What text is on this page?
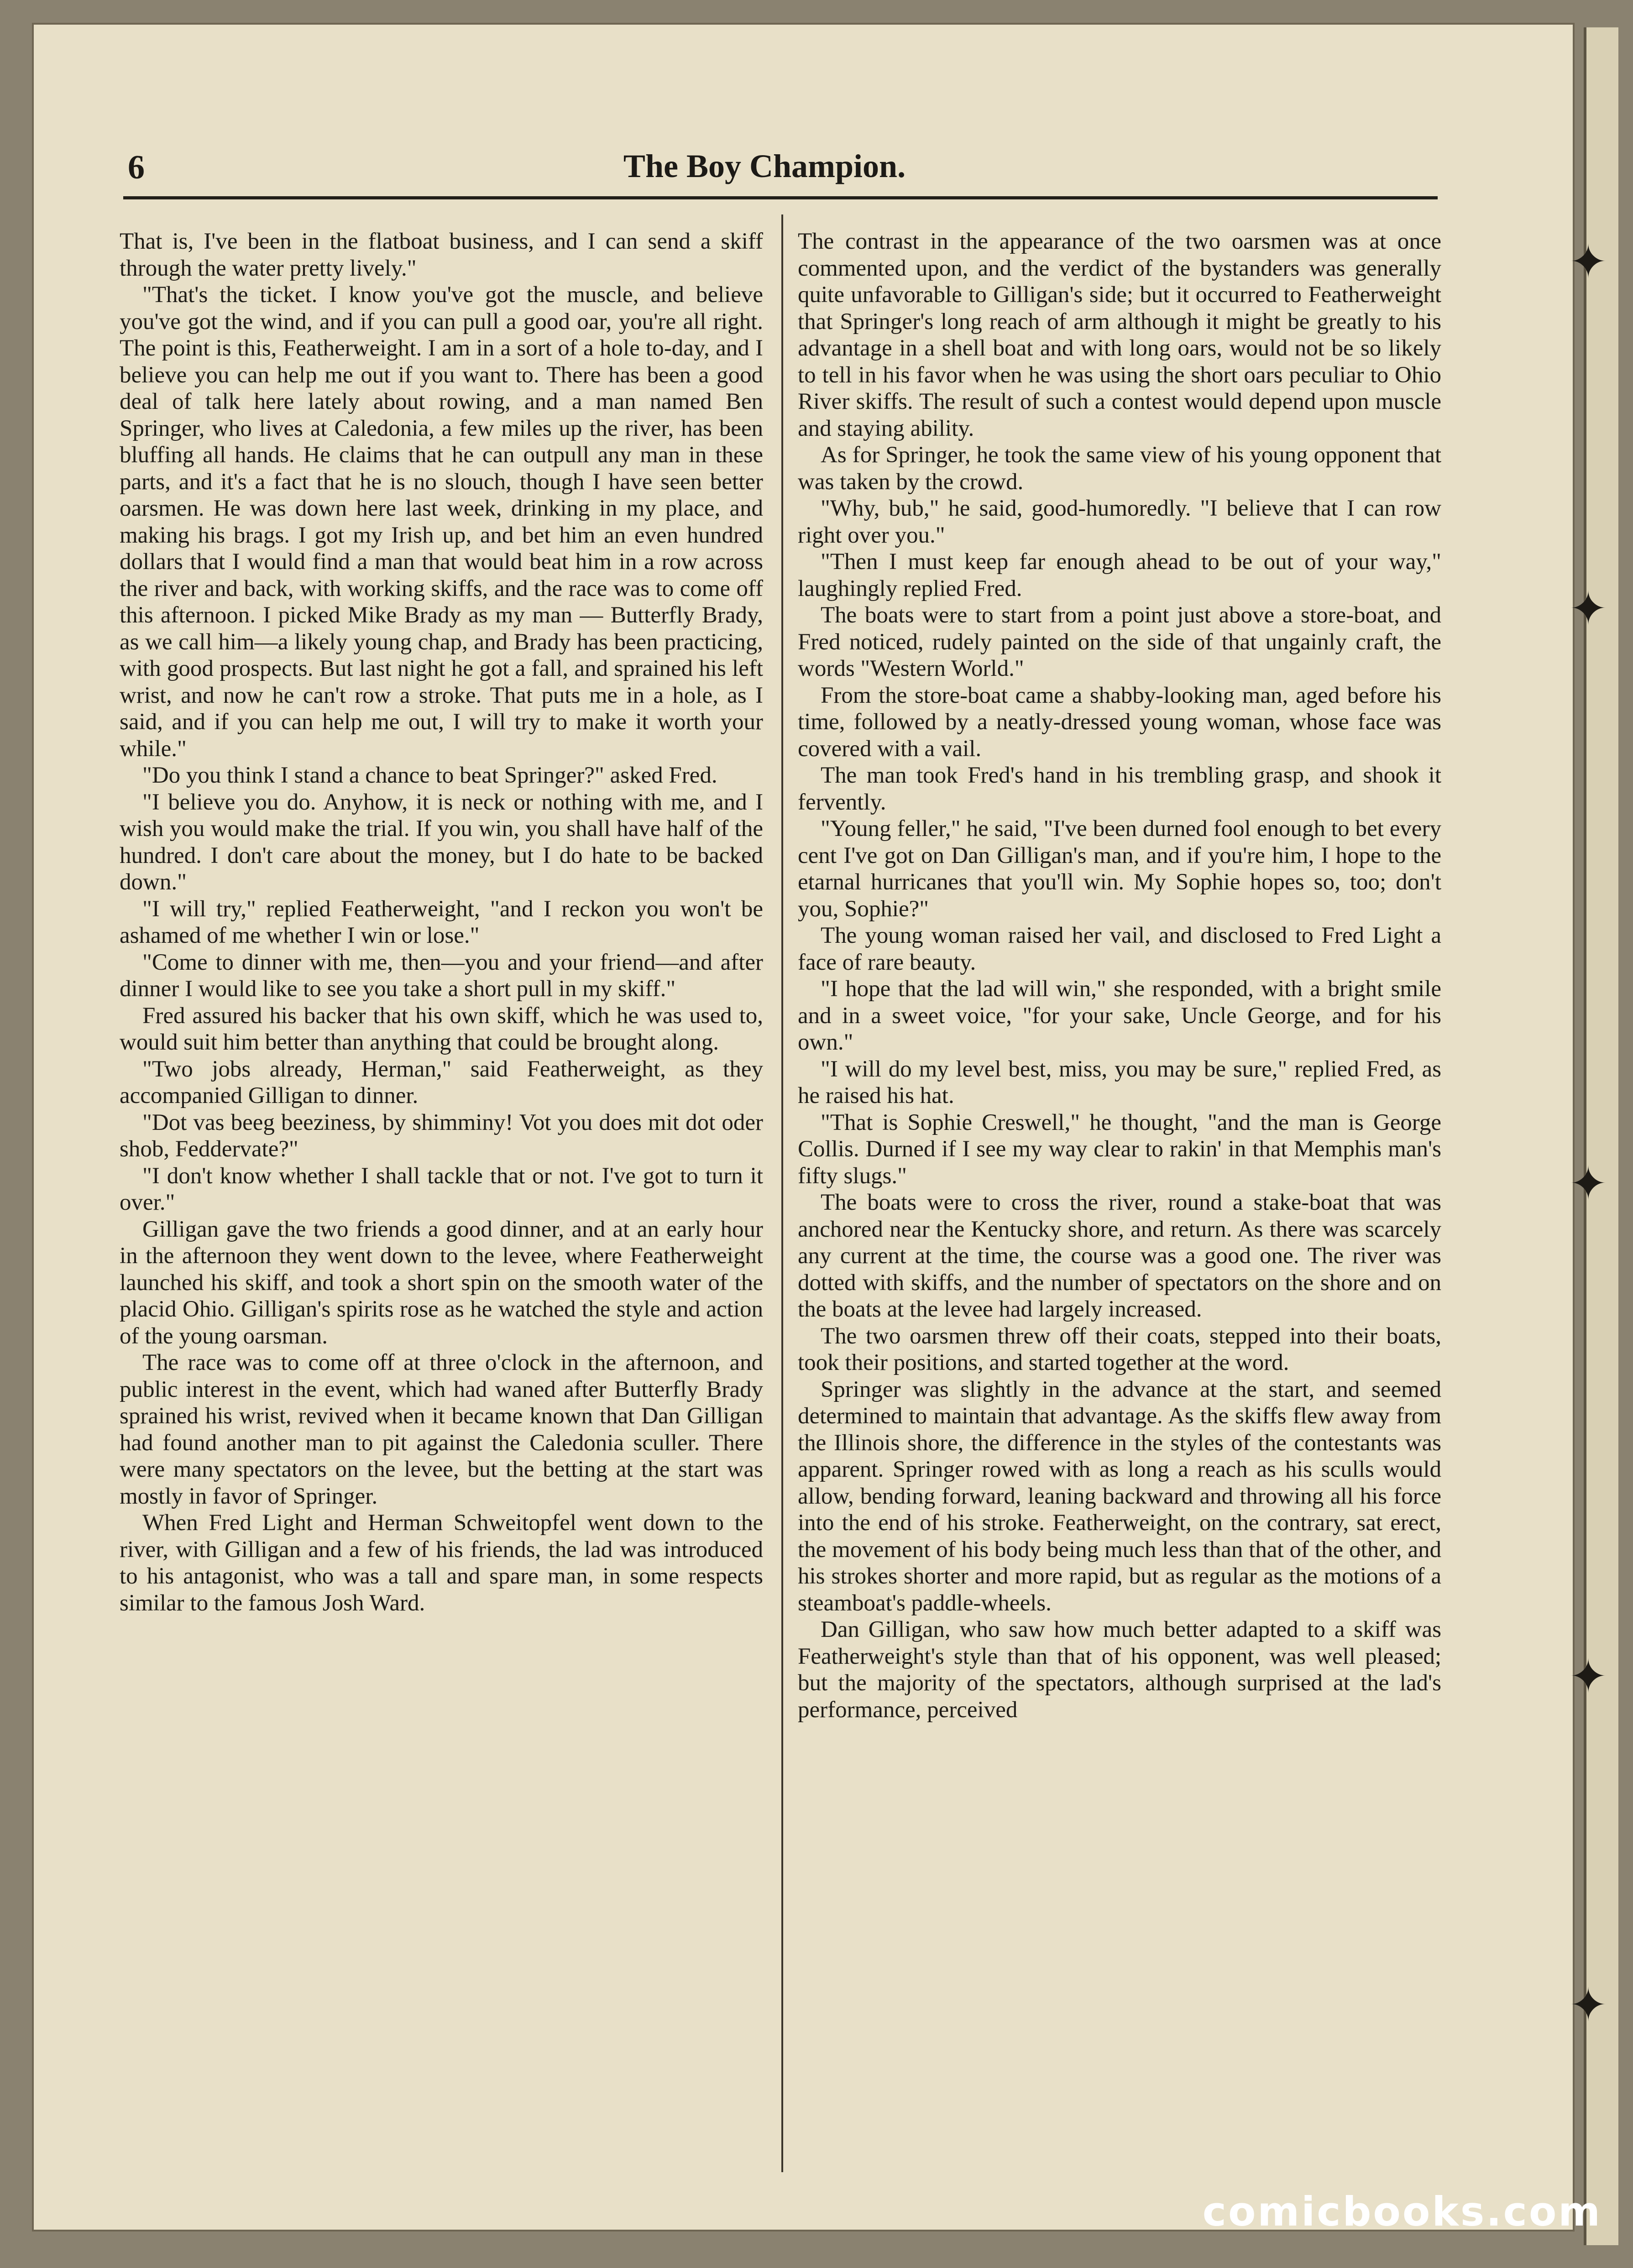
✦
✦
✦
✦
✦
6	The Boy Champion.

That is, I've been in the flatboat business, and I can send a skiff through the water pretty lively."

"That's the ticket. I know you've got the muscle, and believe you've got the wind, and if you can pull a good oar, you're all right. The point is this, Featherweight. I am in a sort of a hole to-day, and I believe you can help me out if you want to. There has been a good deal of talk here lately about rowing, and a man named Ben Springer, who lives at Caledonia, a few miles up the river, has been bluffing all hands. He claims that he can outpull any man in these parts, and it's a fact that he is no slouch, though I have seen better oarsmen. He was down here last week, drinking in my place, and making his brags. I got my Irish up, and bet him an even hundred dollars that I would find a man that would beat him in a row across the river and back, with working skiffs, and the race was to come off this afternoon. I picked Mike Brady as my man — Butterfly Brady, as we call him—a likely young chap, and Brady has been practicing, with good prospects. But last night he got a fall, and sprained his left wrist, and now he can't row a stroke. That puts me in a hole, as I said, and if you can help me out, I will try to make it worth your while."

"Do you think I stand a chance to beat Springer?" asked Fred.

"I believe you do. Anyhow, it is neck or nothing with me, and I wish you would make the trial. If you win, you shall have half of the hundred. I don't care about the money, but I do hate to be backed down."

"I will try," replied Featherweight, "and I reckon you won't be ashamed of me whether I win or lose."

"Come to dinner with me, then—you and your friend—and after dinner I would like to see you take a short pull in my skiff."

Fred assured his backer that his own skiff, which he was used to, would suit him better than anything that could be brought along.

"Two jobs already, Herman," said Featherweight, as they accompanied Gilligan to dinner.

"Dot vas beeg beeziness, by shimminy! Vot you does mit dot oder shob, Feddervate?"

"I don't know whether I shall tackle that or not. I've got to turn it over."

Gilligan gave the two friends a good dinner, and at an early hour in the afternoon they went down to the levee, where Featherweight launched his skiff, and took a short spin on the smooth water of the placid Ohio. Gilligan's spirits rose as he watched the style and action of the young oarsman.

The race was to come off at three o'clock in the afternoon, and public interest in the event, which had waned after Butterfly Brady sprained his wrist, revived when it became known that Dan Gilligan had found another man to pit against the Caledonia sculler. There were many spectators on the levee, but the betting at the start was mostly in favor of Springer.

When Fred Light and Herman Schweitopfel went down to the river, with Gilligan and a few of his friends, the lad was introduced to his antagonist, who was a tall and spare man, in some respects similar to the famous Josh Ward.

The contrast in the appearance of the two oarsmen was at once commented upon, and the verdict of the bystanders was generally quite unfavorable to Gilligan's side; but it occurred to Featherweight that Springer's long reach of arm although it might be greatly to his advantage in a shell boat and with long oars, would not be so likely to tell in his favor when he was using the short oars peculiar to Ohio River skiffs. The result of such a contest would depend upon muscle and staying ability.

As for Springer, he took the same view of his young opponent that was taken by the crowd.

"Why, bub," he said, good-humoredly. "I believe that I can row right over you."

"Then I must keep far enough ahead to be out of your way," laughingly replied Fred.

The boats were to start from a point just above a store-boat, and Fred noticed, rudely painted on the side of that ungainly craft, the words "Western World."

From the store-boat came a shabby-looking man, aged before his time, followed by a neatly-dressed young woman, whose face was covered with a vail.

The man took Fred's hand in his trembling grasp, and shook it fervently.

"Young feller," he said, "I've been durned fool enough to bet every cent I've got on Dan Gilligan's man, and if you're him, I hope to the etarnal hurricanes that you'll win. My Sophie hopes so, too; don't you, Sophie?"

The young woman raised her vail, and disclosed to Fred Light a face of rare beauty.

"I hope that the lad will win," she responded, with a bright smile and in a sweet voice, "for your sake, Uncle George, and for his own."

"I will do my level best, miss, you may be sure," replied Fred, as he raised his hat.

"That is Sophie Creswell," he thought, "and the man is George Collis. Durned if I see my way clear to rakin' in that Memphis man's fifty slugs."

The boats were to cross the river, round a stake-boat that was anchored near the Kentucky shore, and return. As there was scarcely any current at the time, the course was a good one. The river was dotted with skiffs, and the number of spectators on the shore and on the boats at the levee had largely increased.

The two oarsmen threw off their coats, stepped into their boats, took their positions, and started together at the word.

Springer was slightly in the advance at the start, and seemed determined to maintain that advantage. As the skiffs flew away from the Illinois shore, the difference in the styles of the contestants was apparent. Springer rowed with as long a reach as his sculls would allow, bending forward, leaning backward and throwing all his force into the end of his stroke. Featherweight, on the contrary, sat erect, the movement of his body being much less than that of the other, and his strokes shorter and more rapid, but as regular as the motions of a steamboat's paddle-wheels.

Dan Gilligan, who saw how much better adapted to a skiff was Featherweight's style than that of his opponent, was well pleased; but the majority of the spectators, although surprised at the lad's performance, perceived

comicbooks.com
